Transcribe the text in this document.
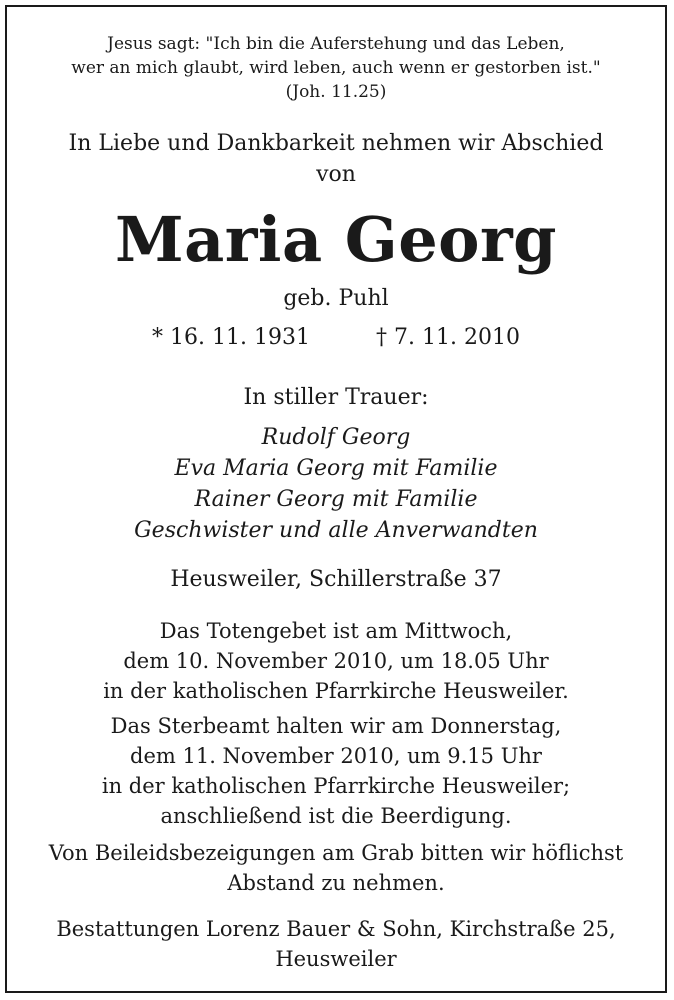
Jesus sagt: "Ich bin die Auferstehung und das Leben,
wer an mich glaubt, wird leben, auch wenn er gestorben ist."
(Joh. 11.25)
In Liebe und Dankbarkeit nehmen wir Abschied
von
Maria Georg
geb. Puhl
* 16. 11. 1931	† 7. 11. 2010
In stiller Trauer:
Rudolf Georg
Eva Maria Georg mit Familie
Rainer Georg mit Familie
Geschwister und alle Anverwandten
Heusweiler, Schillerstraße 37
Das Totengebet ist am Mittwoch,
dem 10. November 2010, um 18.05 Uhr
in der katholischen Pfarrkirche Heusweiler.
Das Sterbeamt halten wir am Donnerstag,
dem 11. November 2010, um 9.15 Uhr
in der katholischen Pfarrkirche Heusweiler;
anschließend ist die Beerdigung.
Von Beileidsbezeigungen am Grab bitten wir höflichst
Abstand zu nehmen.
Bestattungen Lorenz Bauer & Sohn, Kirchstraße 25,
Heusweiler
